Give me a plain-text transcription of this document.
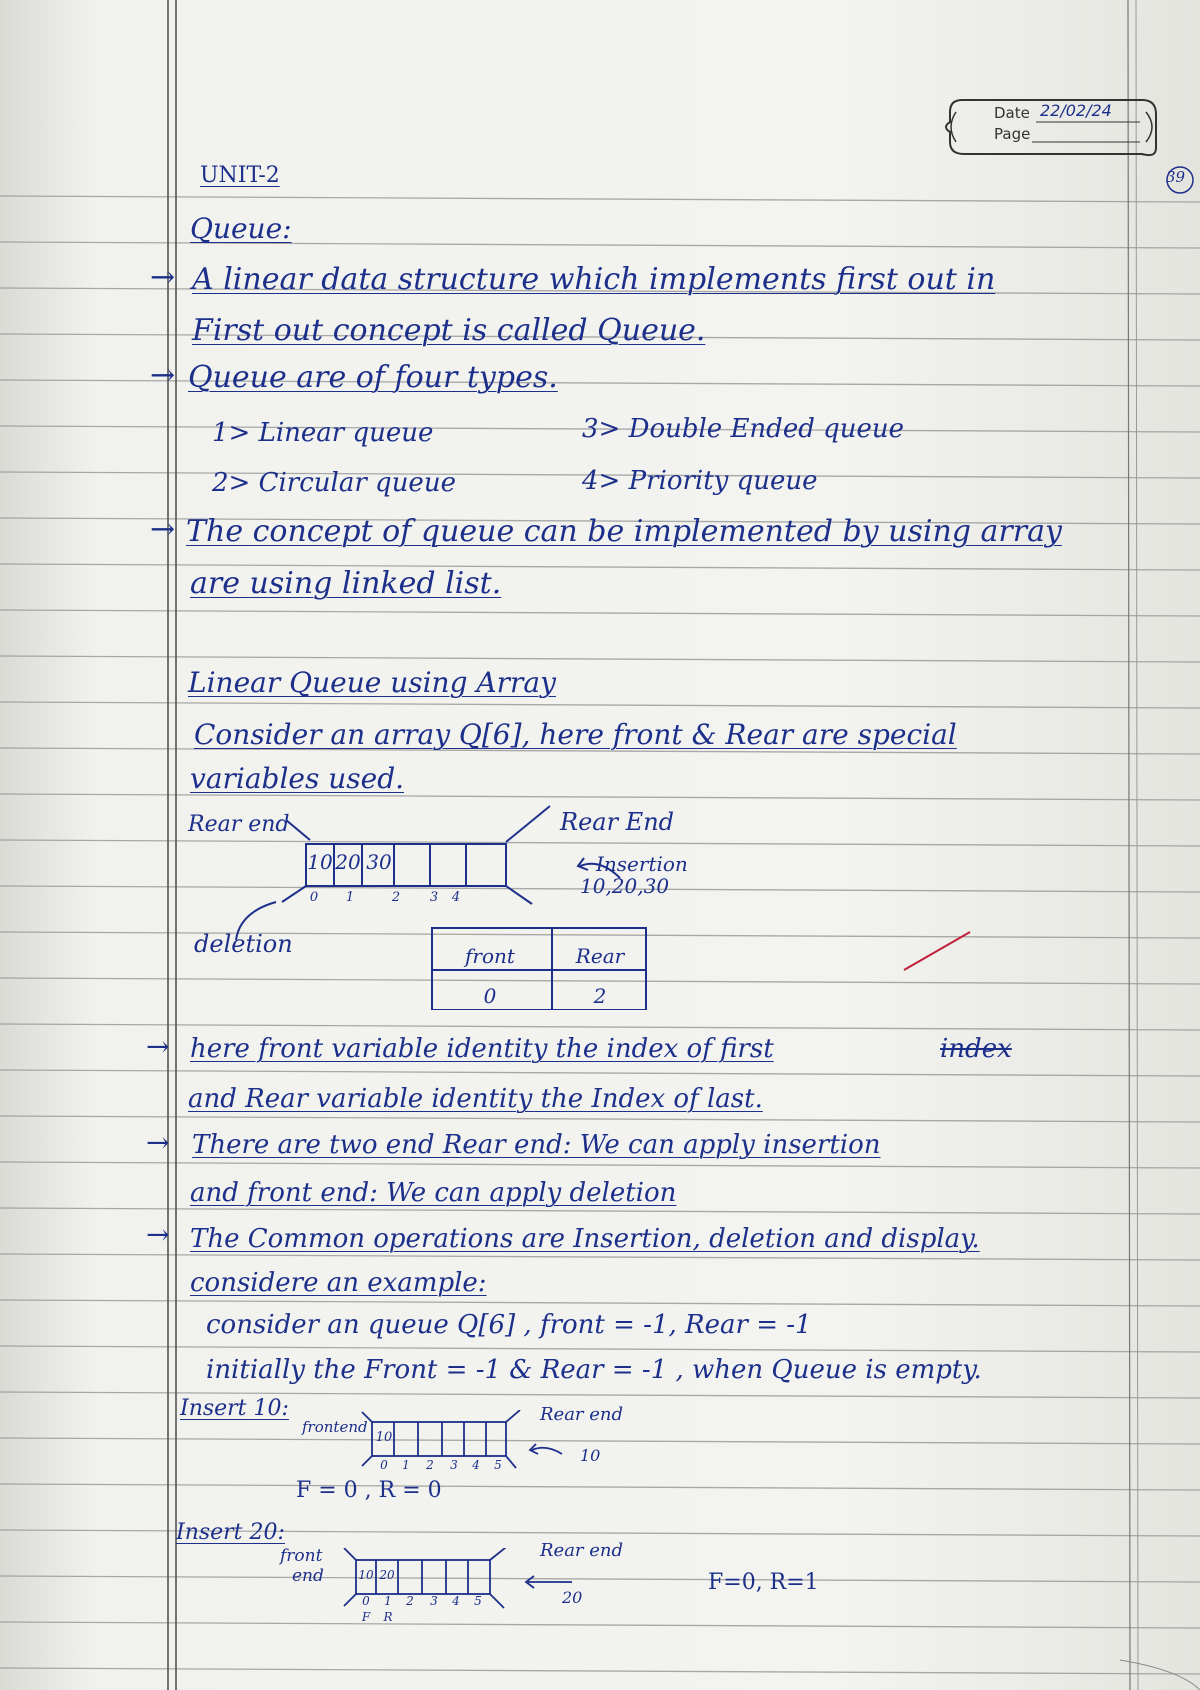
Date 22/02/24
Page
39
UNIT-2
Queue:
→ A linear data structure which implements first out in
First out concept is called Queue.
→ Queue are of four types.
1> Linear queue	3> Double Ended queue
2> Circular queue	4> Priority queue
→ The concept of queue can be implemented by using array
are using linked list.
Linear Queue using Array
Consider an array Q[6], here front & Rear are special
variables used.
Rear end	Rear End
Insertion
10,20,30
deletion
10 20 30
0	1	2	3	4
front	Rear
0	2
→ here front variable identity the index of first	index
and Rear variable identity the Index of last.
→ There are two end Rear end: We can apply insertion
and front end: We can apply deletion
→ The Common operations are Insertion, deletion and display.
considere an example:
consider an queue Q[6] , front = -1, Rear = -1
initially the Front = -1 & Rear = -1 , when Queue is empty.
Insert 10:
frontend
Rear end
10
10
0	1	2	3	4	5
F = 0 , R = 0
Insert 20:
front
end
Rear end
20
10 20
0	1	2	3	4	5
F	R
F=0, R=1
